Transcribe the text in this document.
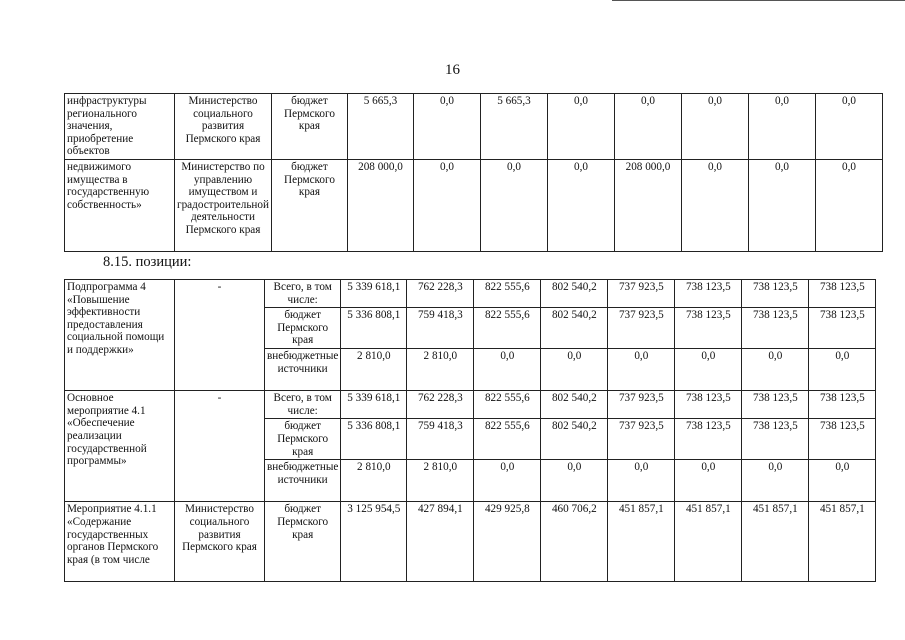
16
инфраструктуры регионального значения, приобретение объектов	Министерство социального развития Пермского края	бюджет Пермского края	5 665,3	0,0	5 665,3	0,0	0,0	0,0	0,0	0,0
недвижимого имущества в государственную собственность»	Министерство по управлению имуществом и градостроительной деятельности Пермского края	бюджет Пермского края	208 000,0	0,0	0,0	0,0	208 000,0	0,0	0,0	0,0
8.15. позиции:
Подпрограмма 4 «Повышение эффективности предоставления социальной помощи и поддержки»	-	Всего, в том числе:	5 339 618,1	762 228,3	822 555,6	802 540,2	737 923,5	738 123,5	738 123,5	738 123,5
		бюджет Пермского края	5 336 808,1	759 418,3	822 555,6	802 540,2	737 923,5	738 123,5	738 123,5	738 123,5
		внебюджетные источники	2 810,0	2 810,0	0,0	0,0	0,0	0,0	0,0	0,0
Основное мероприятие 4.1 «Обеспечение реализации государственной программы»	-	Всего, в том числе:	5 339 618,1	762 228,3	822 555,6	802 540,2	737 923,5	738 123,5	738 123,5	738 123,5
		бюджет Пермского края	5 336 808,1	759 418,3	822 555,6	802 540,2	737 923,5	738 123,5	738 123,5	738 123,5
		внебюджетные источники	2 810,0	2 810,0	0,0	0,0	0,0	0,0	0,0	0,0
Мероприятие 4.1.1 «Содержание государственных органов Пермского края (в том числе	Министерство социального развития Пермского края	бюджет Пермского края	3 125 954,5	427 894,1	429 925,8	460 706,2	451 857,1	451 857,1	451 857,1	451 857,1
